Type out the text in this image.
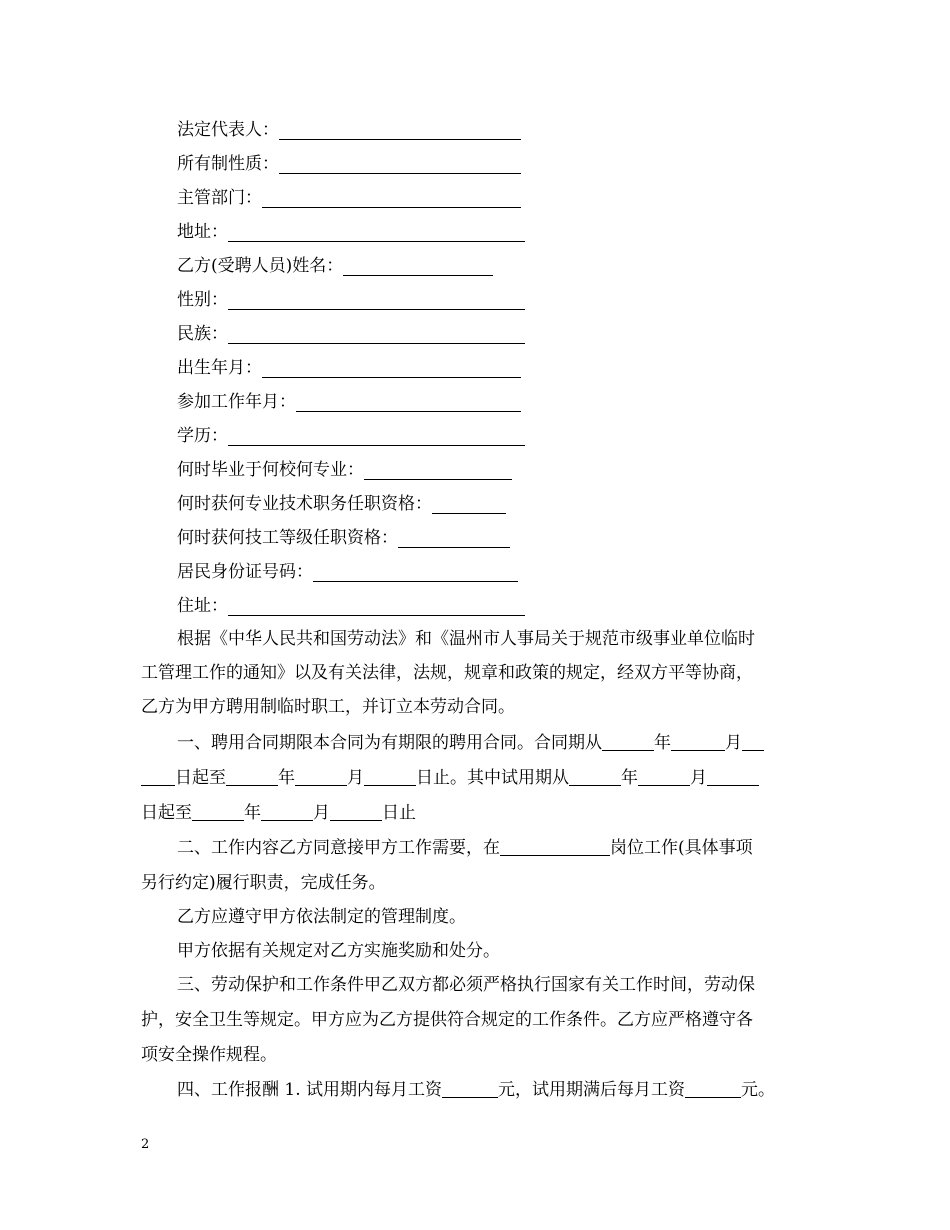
法定代表人：
所有制性质：
主管部门：
地址：
乙方(受聘人员)姓名：
性别：
民族：
出生年月：
参加工作年月：
学历：
何时毕业于何校何专业：
何时获何专业技术职务任职资格：
何时获何技工等级任职资格：
居民身份证号码：
住址：
根据《中华人民共和国劳动法》和《温州市人事局关于规范市级事业单位临时
工管理工作的通知》以及有关法律，法规，规章和政策的规定，经双方平等协商，
乙方为甲方聘用制临时职工，并订立本劳动合同。
一、聘用合同期限本合同为有期限的聘用合同。合同期从	年	月
日起至	年	月	日止。其中试用期从	年	月
日起至	年	月	日止
二、工作内容乙方同意接甲方工作需要，在	岗位工作(具体事项
另行约定)履行职责，完成任务。
乙方应遵守甲方依法制定的管理制度。
甲方依据有关规定对乙方实施奖励和处分。
三、劳动保护和工作条件甲乙双方都必须严格执行国家有关工作时间，劳动保
护，安全卫生等规定。甲方应为乙方提供符合规定的工作条件。乙方应严格遵守各
项安全操作规程。
四、工作报酬 1. 试用期内每月工资	元，试用期满后每月工资	元。
2
